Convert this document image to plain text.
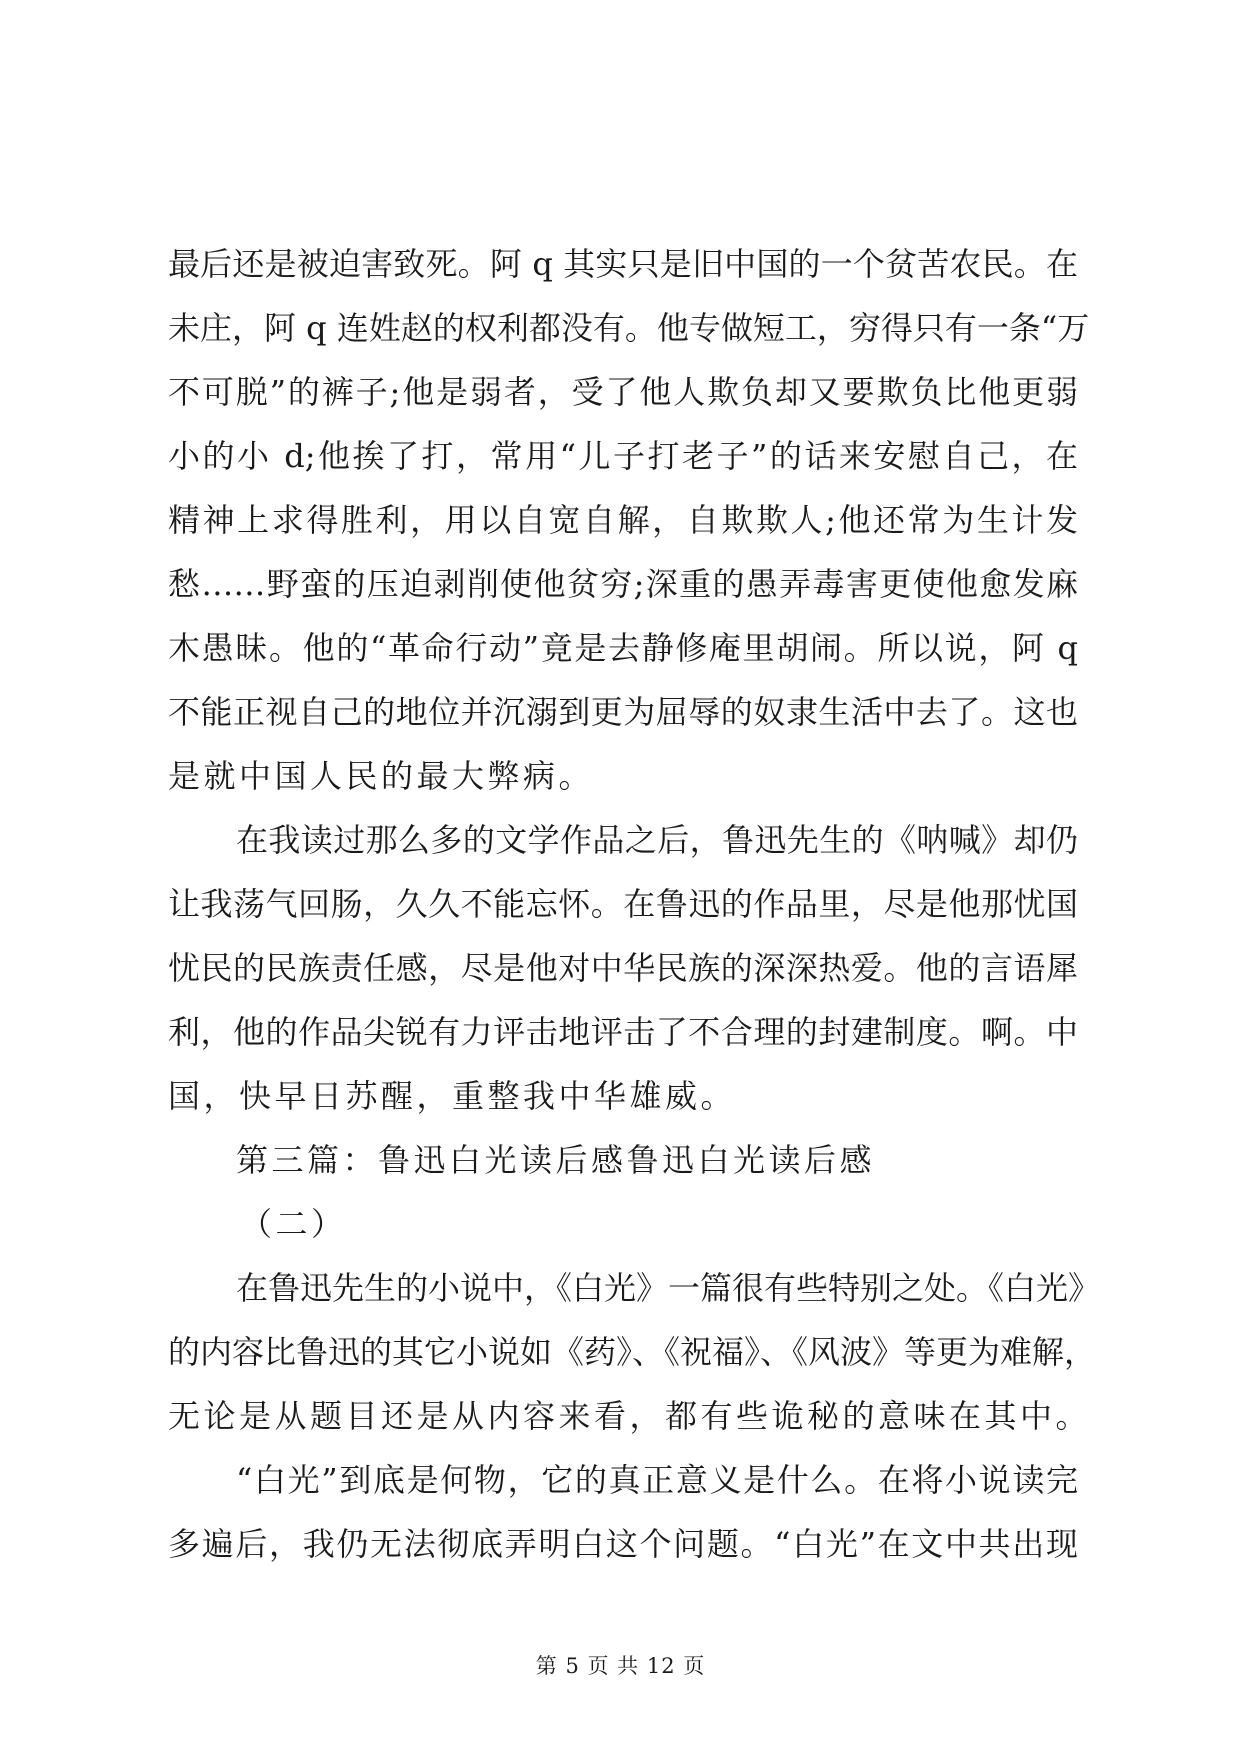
最后还是被迫害致死。阿 q 其实只是旧中国的一个贫苦农民。在
未庄，阿 q 连姓赵的权利都没有。他专做短工，穷得只有一条“万
不可脱”的裤子;他是弱者，受了他人欺负却又要欺负比他更弱
小的小 d;他挨了打，常用“儿子打老子”的话来安慰自己，在
精神上求得胜利，用以自宽自解，自欺欺人;他还常为生计发
愁……野蛮的压迫剥削使他贫穷;深重的愚弄毒害更使他愈发麻
木愚昧。他的“革命行动”竟是去静修庵里胡闹。所以说，阿 q
不能正视自己的地位并沉溺到更为屈辱的奴隶生活中去了。这也
是就中国人民的最大弊病。
在我读过那么多的文学作品之后，鲁迅先生的《呐喊》却仍
让我荡气回肠，久久不能忘怀。在鲁迅的作品里，尽是他那忧国
忧民的民族责任感，尽是他对中华民族的深深热爱。他的言语犀
利，他的作品尖锐有力评击地评击了不合理的封建制度。啊。中
国，快早日苏醒，重整我中华雄威。
第三篇：鲁迅白光读后感鲁迅白光读后感
（二）
在鲁迅先生的小说中，《白光》一篇很有些特别之处。《白光》
的内容比鲁迅的其它小说如《药》、《祝福》、《风波》等更为难解，
无论是从题目还是从内容来看，都有些诡秘的意味在其中。
“白光”到底是何物，它的真正意义是什么。在将小说读完
多遍后，我仍无法彻底弄明白这个问题。“白光”在文中共出现
第 5 页 共 12 页
